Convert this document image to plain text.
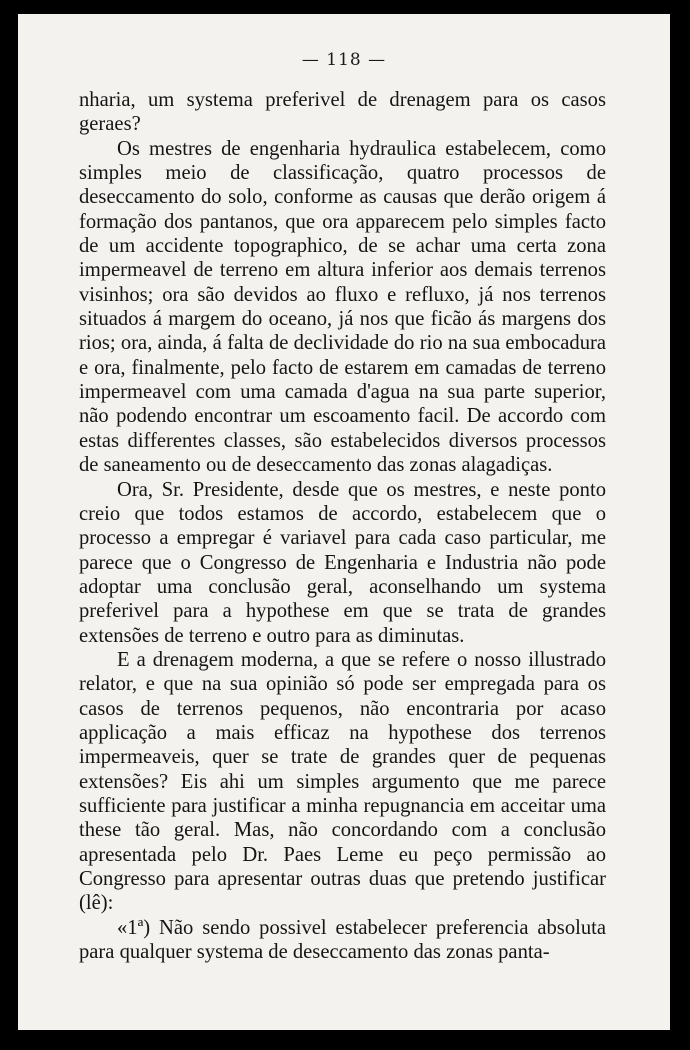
— 118 —

nharia, um systema preferivel de drenagem para os casos geraes?

Os mestres de engenharia hydraulica estabelecem, como simples meio de classificação, quatro processos de deseccamento do solo, conforme as causas que derão origem á formação dos pantanos, que ora apparecem pelo simples facto de um accidente topographico, de se achar uma certa zona impermeavel de terreno em altura inferior aos demais terrenos visinhos; ora são devidos ao fluxo e refluxo, já nos terrenos situados á margem do oceano, já nos que ficão ás margens dos rios; ora, ainda, á falta de declividade do rio na sua embocadura e ora, finalmente, pelo facto de estarem em camadas de terreno impermeavel com uma camada d'agua na sua parte superior, não podendo encontrar um escoamento facil. De accordo com estas differentes classes, são estabelecidos diversos processos de saneamento ou de deseccamento das zonas alagadiças.

Ora, Sr. Presidente, desde que os mestres, e neste ponto creio que todos estamos de accordo, estabelecem que o processo a empregar é variavel para cada caso particular, me parece que o Congresso de Engenharia e Industria não pode adoptar uma conclusão geral, aconselhando um systema preferivel para a hypothese em que se trata de grandes extensões de terreno e outro para as diminutas.

E a drenagem moderna, a que se refere o nosso illustrado relator, e que na sua opinião só pode ser empregada para os casos de terrenos pequenos, não encontraria por acaso applicação a mais efficaz na hypothese dos terrenos impermeaveis, quer se trate de grandes quer de pequenas extensões? Eis ahi um simples argumento que me parece sufficiente para justificar a minha repugnancia em acceitar uma these tão geral. Mas, não concordando com a conclusão apresentada pelo Dr. Paes Leme eu peço permissão ao Congresso para apresentar outras duas que pretendo justificar (lê):

«1ª) Não sendo possivel estabelecer preferencia absoluta para qualquer systema de deseccamento das zonas panta-
